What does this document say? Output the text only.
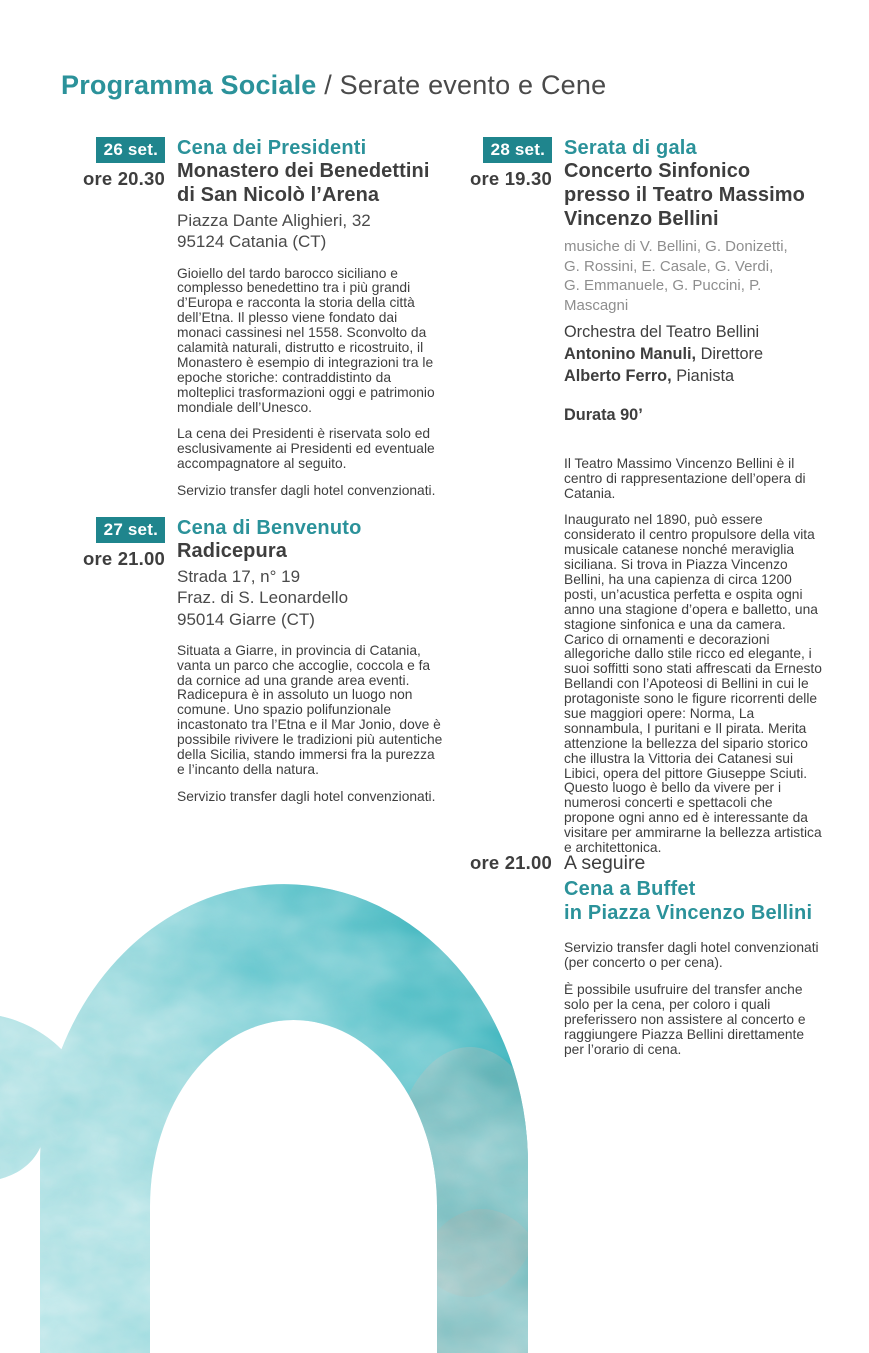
Programma Sociale / Serate evento e Cene
26 set.
ore 20.30
Cena dei Presidenti
Monastero dei Benedettini
di San Nicolò l’Arena
Piazza Dante Alighieri, 32
95124 Catania (CT)

Gioiello del tardo barocco siciliano e complesso benedettino tra i più grandi d’Europa e racconta la storia della città dell’Etna. Il plesso viene fondato dai monaci cassinesi nel 1558. Sconvolto da calamità naturali, distrutto e ricostruito, il Monastero è esempio di integrazioni tra le epoche storiche: contraddistinto da molteplici trasformazioni oggi e patrimonio mondiale dell’Unesco.

La cena dei Presidenti è riservata solo ed esclusivamente ai Presidenti ed eventuale accompagnatore al seguito.

Servizio transfer dagli hotel convenzionati.

27 set.
ore 21.00
Cena di Benvenuto
Radicepura
Strada 17, n° 19
Fraz. di S. Leonardello
95014 Giarre (CT)

Situata a Giarre, in provincia di Catania, vanta un parco che accoglie, coccola e fa da cornice ad una grande area eventi. Radicepura è in assoluto un luogo non comune. Uno spazio polifunzionale incastonato tra l’Etna e il Mar Jonio, dove è possibile rivivere le tradizioni più autentiche della Sicilia, stando immersi fra la purezza e l’incanto della natura.

Servizio transfer dagli hotel convenzionati.

28 set.
ore 19.30
Serata di gala
Concerto Sinfonico
presso il Teatro Massimo
Vincenzo Bellini
musiche di V. Bellini, G. Donizetti,
G. Rossini, E. Casale, G. Verdi,
G. Emmanuele, G. Puccini, P. Mascagni
Orchestra del Teatro Bellini
Antonino Manuli, Direttore
Alberto Ferro, Pianista
Durata 90’

Il Teatro Massimo Vincenzo Bellini è il centro di rappresentazione dell’opera di Catania.

Inaugurato nel 1890, può essere considerato il centro propulsore della vita musicale catanese nonché meraviglia siciliana. Si trova in Piazza Vincenzo Bellini, ha una capienza di circa 1200 posti, un’acustica perfetta e ospita ogni anno una stagione d’opera e balletto, una stagione sinfonica e una da camera. Carico di ornamenti e decorazioni allegoriche dallo stile ricco ed elegante, i suoi soffitti sono stati affrescati da Ernesto Bellandi con l’Apoteosi di Bellini in cui le protagoniste sono le figure ricorrenti delle sue maggiori opere: Norma, La sonnambula, I puritani e Il pirata. Merita attenzione la bellezza del sipario storico che illustra la Vittoria dei Catanesi sui Libici, opera del pittore Giuseppe Sciuti. Questo luogo è bello da vivere per i numerosi concerti e spettacoli che propone ogni anno ed è interessante da visitare per ammirarne la bellezza artistica e architettonica.

ore 21.00 A seguire
Cena a Buffet
in Piazza Vincenzo Bellini

Servizio transfer dagli hotel convenzionati (per concerto o per cena).

È possibile usufruire del transfer anche solo per la cena, per coloro i quali preferissero non assistere al concerto e raggiungere Piazza Bellini direttamente per l’orario di cena.
